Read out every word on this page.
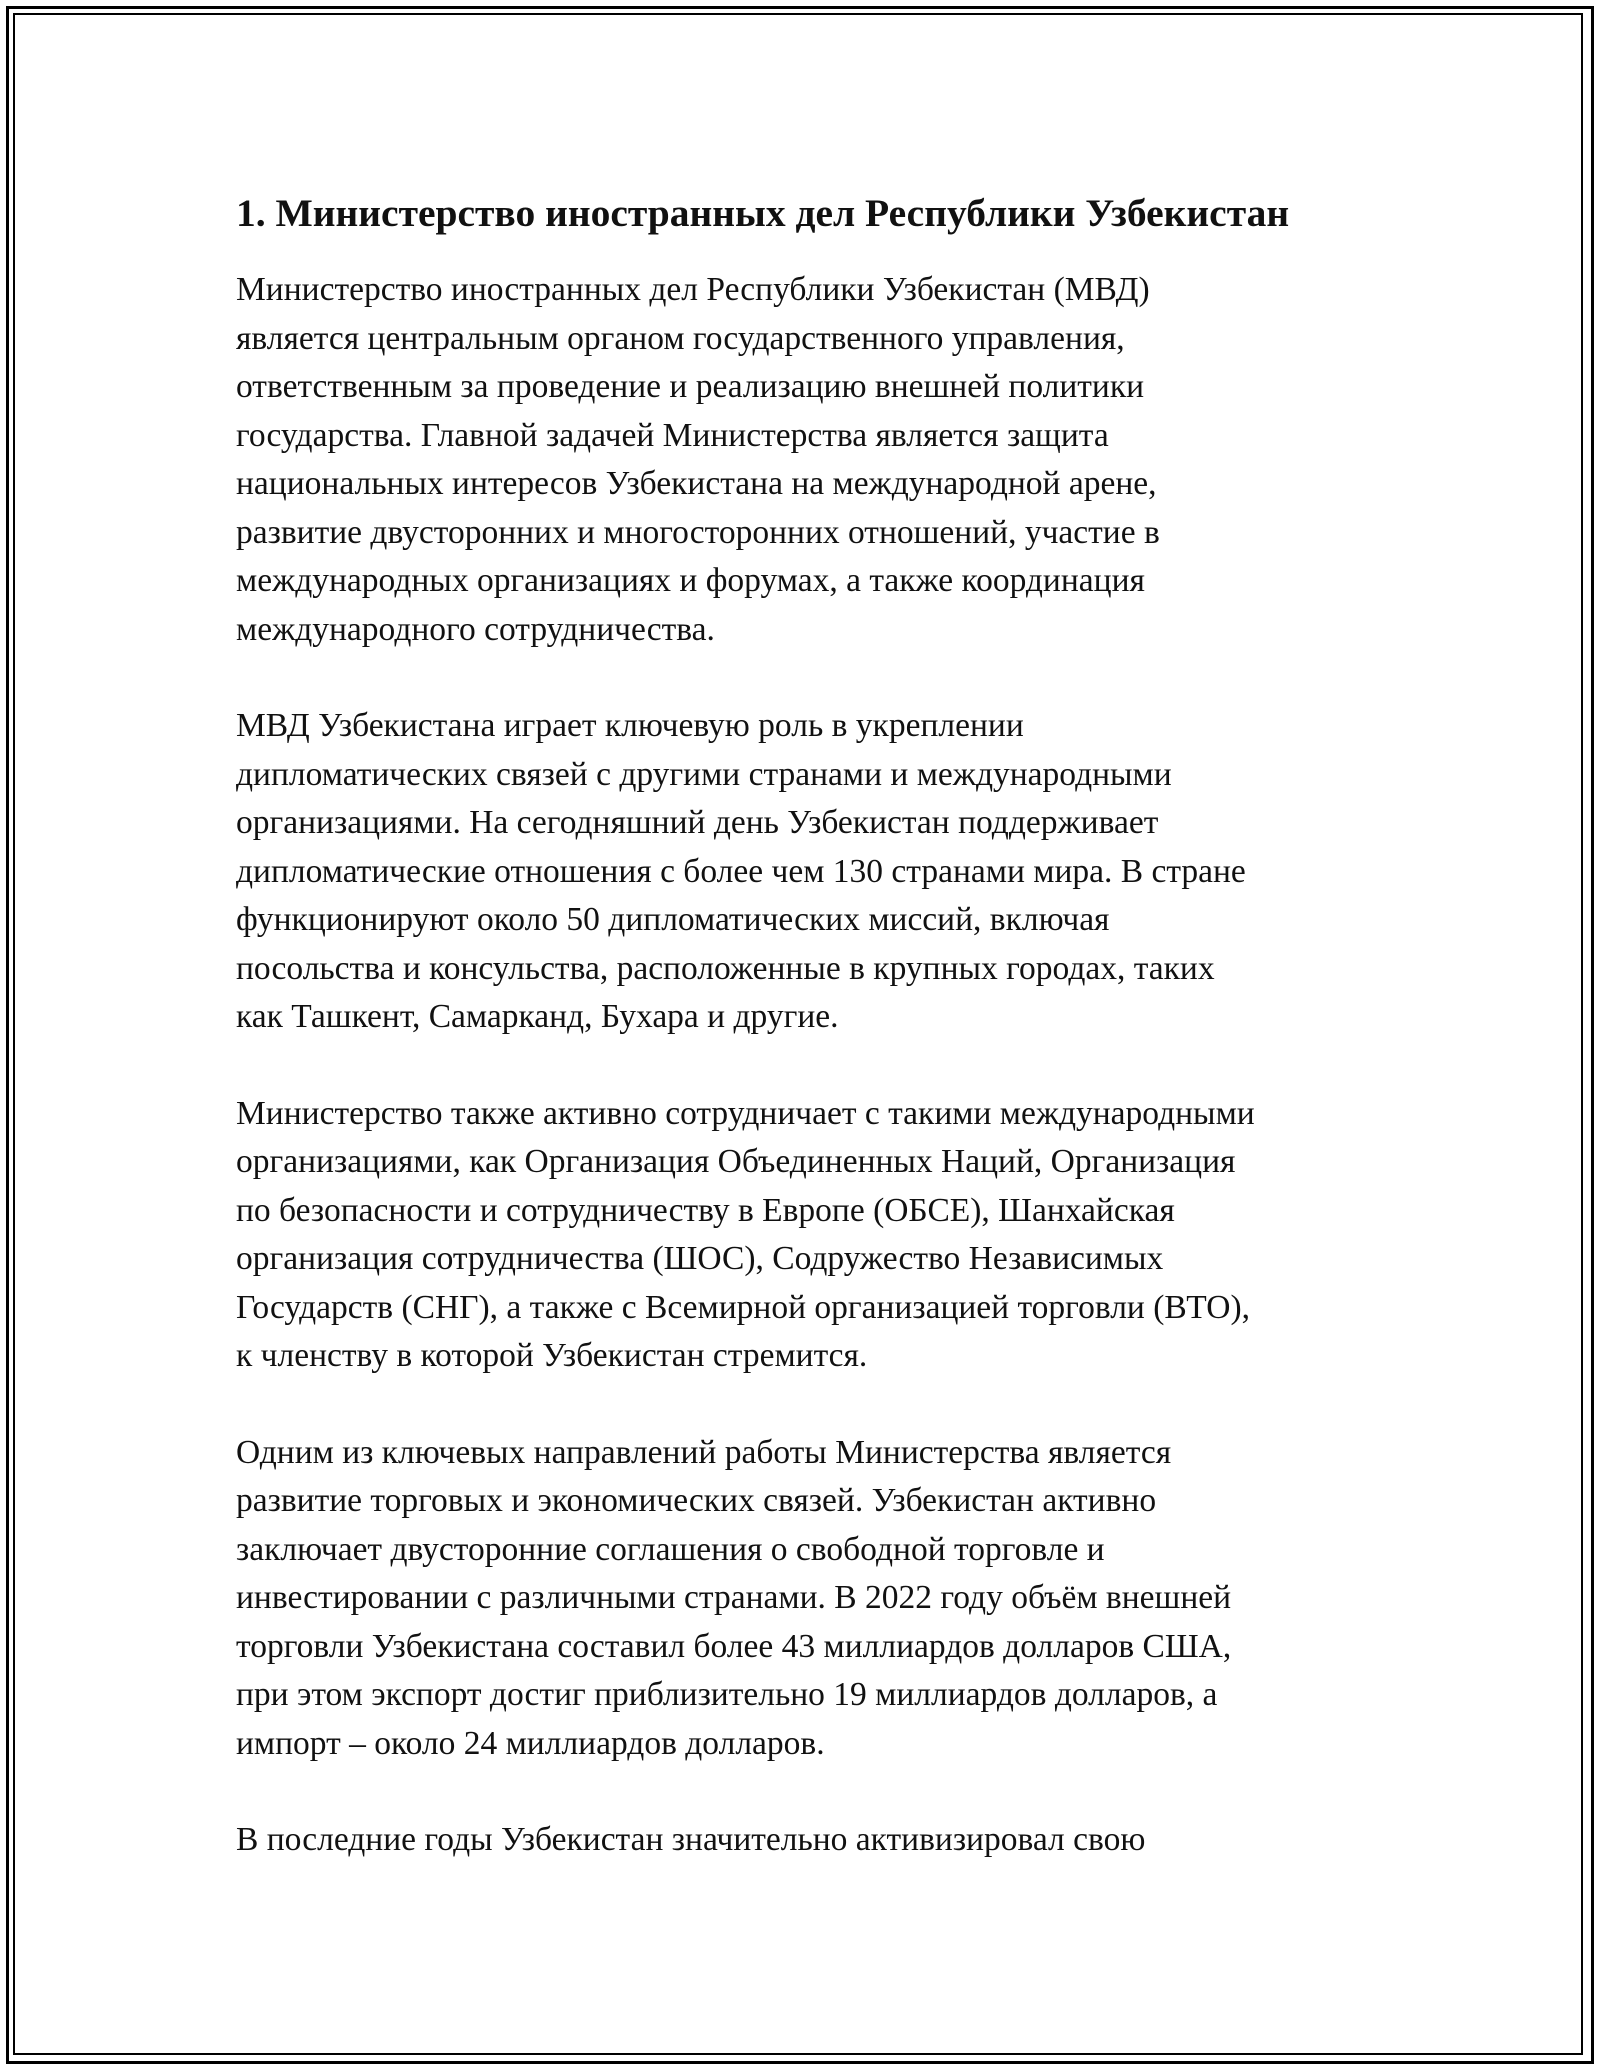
1. Министерство иностранных дел Республики Узбекистан

Министерство иностранных дел Республики Узбекистан (МВД)
является центральным органом государственного управления,
ответственным за проведение и реализацию внешней политики
государства. Главной задачей Министерства является защита
национальных интересов Узбекистана на международной арене,
развитие двусторонних и многосторонних отношений, участие в
международных организациях и форумах, а также координация
международного сотрудничества.

МВД Узбекистана играет ключевую роль в укреплении
дипломатических связей с другими странами и международными
организациями. На сегодняшний день Узбекистан поддерживает
дипломатические отношения с более чем 130 странами мира. В стране
функционируют около 50 дипломатических миссий, включая
посольства и консульства, расположенные в крупных городах, таких
как Ташкент, Самарканд, Бухара и другие.

Министерство также активно сотрудничает с такими международными
организациями, как Организация Объединенных Наций, Организация
по безопасности и сотрудничеству в Европе (ОБСЕ), Шанхайская
организация сотрудничества (ШОС), Содружество Независимых
Государств (СНГ), а также с Всемирной организацией торговли (ВТО),
к членству в которой Узбекистан стремится.

Одним из ключевых направлений работы Министерства является
развитие торговых и экономических связей. Узбекистан активно
заключает двусторонние соглашения о свободной торговле и
инвестировании с различными странами. В 2022 году объём внешней
торговли Узбекистана составил более 43 миллиардов долларов США,
при этом экспорт достиг приблизительно 19 миллиардов долларов, а
импорт – около 24 миллиардов долларов.

В последние годы Узбекистан значительно активизировал свою
